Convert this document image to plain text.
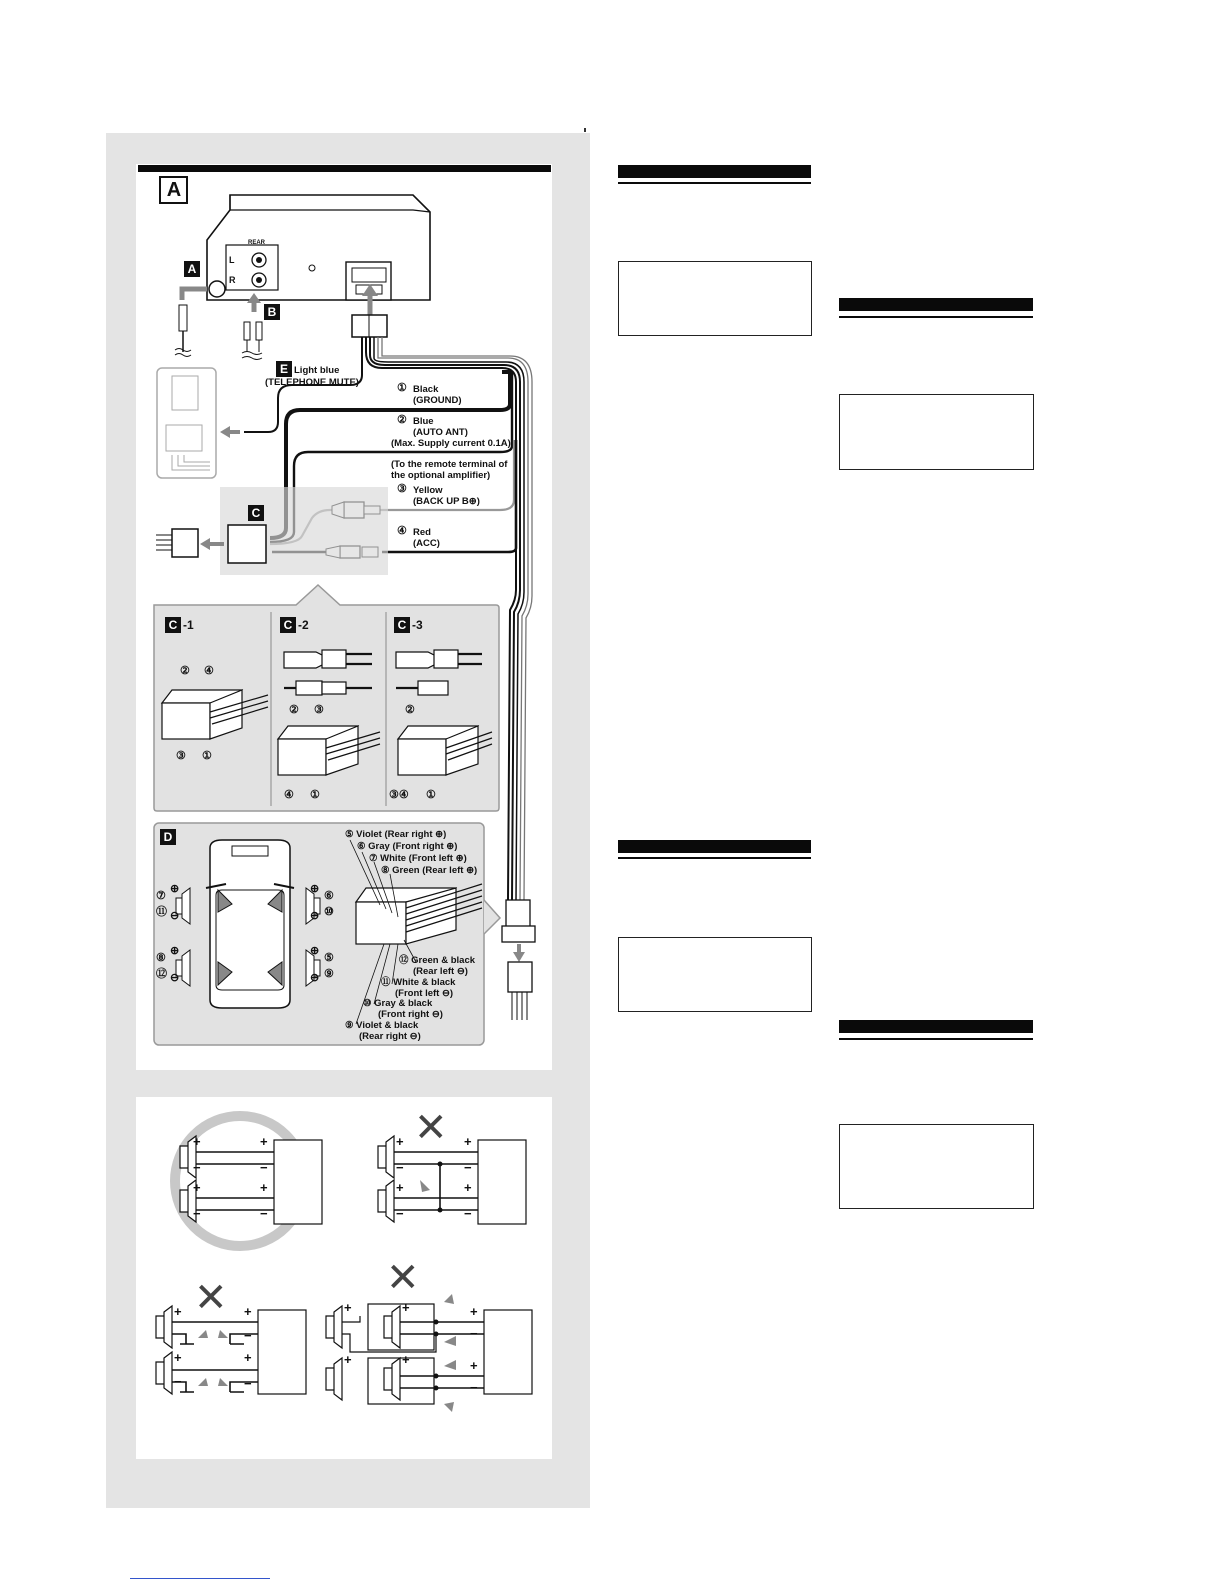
A
A
B
C
E
D
REAR
L
R
Light blue
(TELEPHONE MUTE)	① Black
(GROUND)
② Blue
(AUTO ANT)
(Max. Supply current 0.1A)
(To the remote terminal of
the optional amplifier)
③ Yellow
(BACK UP B⊕)
④ Red
(ACC)
C -1	C -2	C -3
② ④
③ ①
② ③
④ ①
②
③④ ①
⑦
⊕
⑪ ⊖
⑧
⊕
⑫ ⊖
⑥
⊕
⑩
⊖
⑤
⊕
⑨
⊖
⑤ Violet (Rear right ⊕)
⑥ Gray (Front right ⊕)
⑦ White (Front left ⊕)
⑧ Green (Rear left ⊕)
⑫ Green & black
(Rear left ⊖)
⑪ White & black
(Front left ⊖)
⑩ Gray & black
(Front right ⊖)
⑨ Violet & black
(Rear right ⊖)
+
−
+
−
+
−
+
−
+
−
+
−
+
−
+
−
+
−
+
+
−
+
−
+
+
+
+
+
−
+
−
✕
✕	✕
